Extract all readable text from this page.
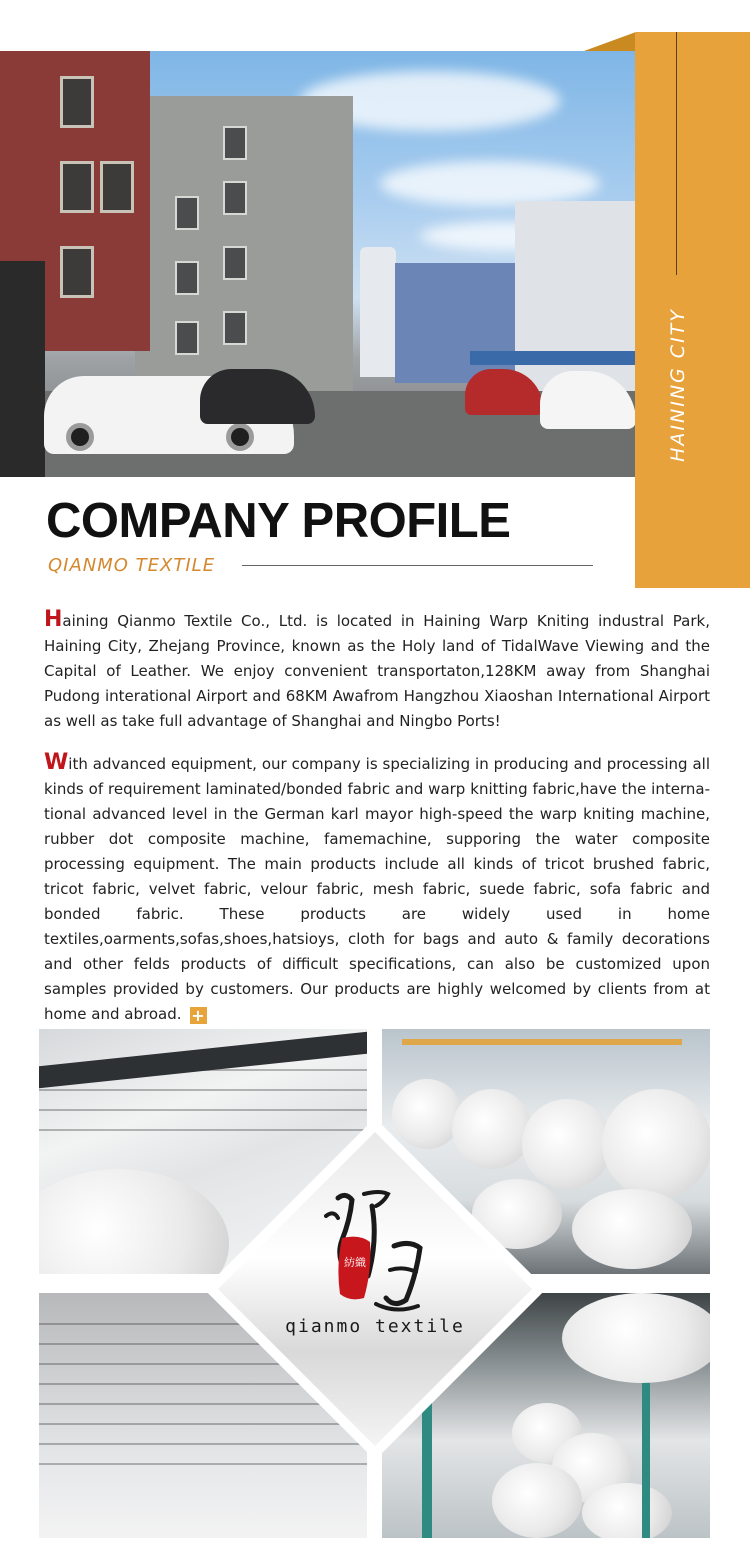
HAINING CITY
COMPANY PROFILE
QIANMO TEXTILE

Haining Qianmo Textile Co., Ltd. is located in Haining Warp Kniting industral Park, Haining City, Zhejang Province, known as the Holy land of TidalWave Viewing and the Capital of Leather. We enjoy convenient transportaton,128KM away from Shanghai Pudong interational Airport and 68KM Awafrom Hangzhou Xiaoshan International Airport as well as take full advantage of Shanghai and Ningbo Ports!

With advanced equipment, our company is specializing in producing and processing all kinds of requirement laminated/bonded fabric and warp knitting fabric,have the international advanced level in the German karl mayor high-speed the warp kniting machine, rubber dot composite machine, famemachine, supporing the water composite processing equipment. The main products include all kinds of tricot brushed fabric, tricot fabric, velvet fabric, velour fabric, mesh fabric, suede fabric, sofa fabric and bonded fabric. These products are widely used in home textiles,oarments,sofas,shoes,hatsioys, cloth for bags and auto & family decorations and other felds products of difficult specifications, can also be customized upon samples provided by customers. Our products are highly welcomed by clients from at home and abroad. +

紡織
qianmo textile
